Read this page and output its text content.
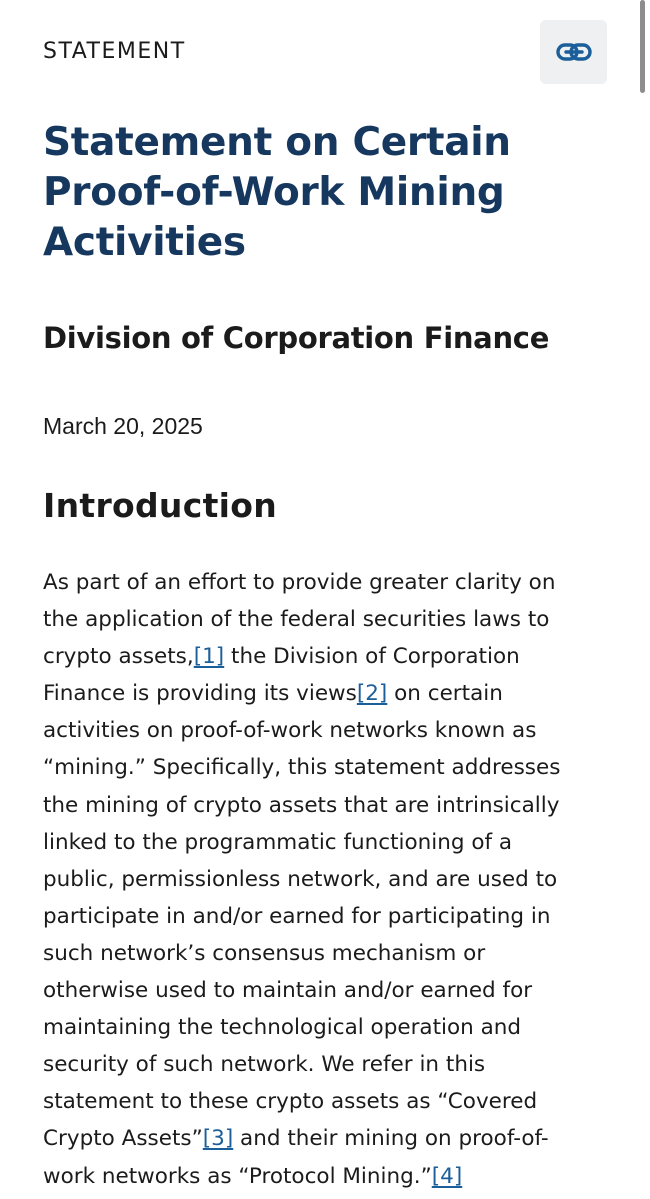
STATEMENT
Statement on Certain
Proof-of-Work Mining
Activities
Division of Corporation Finance
March 20, 2025
Introduction

As part of an effort to provide greater clarity on
the application of the federal securities laws to
crypto assets,[1] the Division of Corporation
Finance is providing its views[2] on certain
activities on proof-of-work networks known as
“mining.” Specifically, this statement addresses
the mining of crypto assets that are intrinsically
linked to the programmatic functioning of a
public, permissionless network, and are used to
participate in and/or earned for participating in
such network’s consensus mechanism or
otherwise used to maintain and/or earned for
maintaining the technological operation and
security of such network. We refer in this
statement to these crypto assets as “Covered
Crypto Assets”[3] and their mining on proof-of-
work networks as “Protocol Mining.”[4]
